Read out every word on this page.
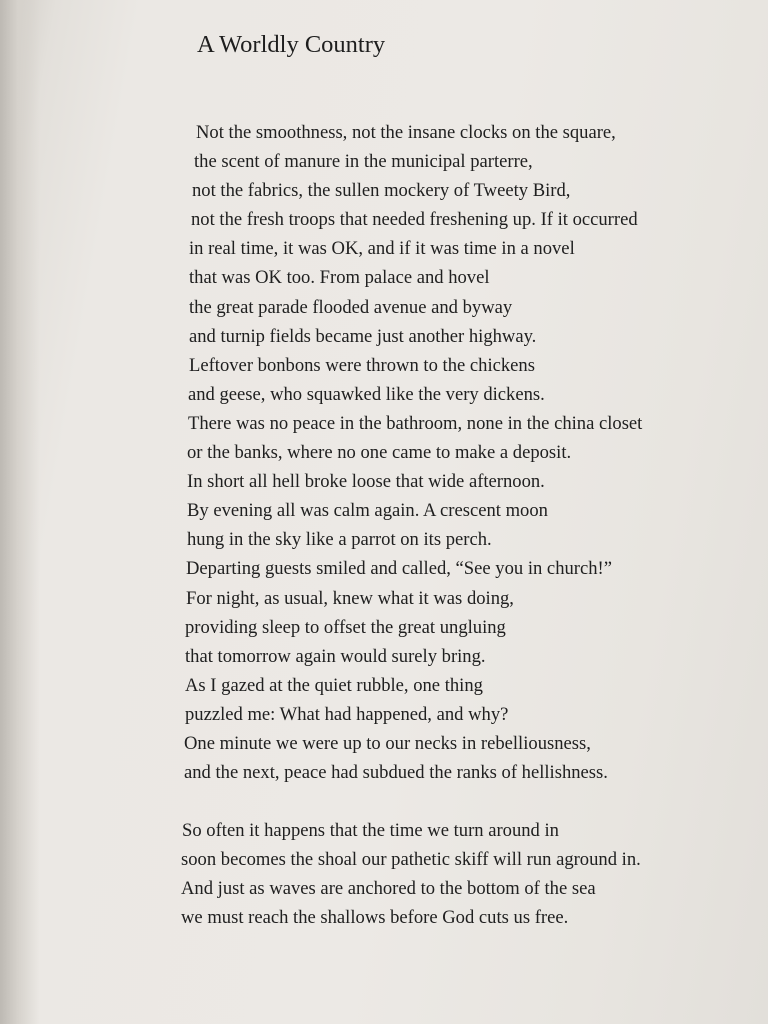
A Worldly Country
Not the smoothness, not the insane clocks on the square,
the scent of manure in the municipal parterre,
not the fabrics, the sullen mockery of Tweety Bird,
not the fresh troops that needed freshening up. If it occurred
in real time, it was OK, and if it was time in a novel
that was OK too. From palace and hovel
the great parade flooded avenue and byway
and turnip fields became just another highway.
Leftover bonbons were thrown to the chickens
and geese, who squawked like the very dickens.
There was no peace in the bathroom, none in the china closet
or the banks, where no one came to make a deposit.
In short all hell broke loose that wide afternoon.
By evening all was calm again. A crescent moon
hung in the sky like a parrot on its perch.
Departing guests smiled and called, “See you in church!”
For night, as usual, knew what it was doing,
providing sleep to offset the great ungluing
that tomorrow again would surely bring.
As I gazed at the quiet rubble, one thing
puzzled me: What had happened, and why?
One minute we were up to our necks in rebelliousness,
and the next, peace had subdued the ranks of hellishness.
So often it happens that the time we turn around in
soon becomes the shoal our pathetic skiff will run aground in.
And just as waves are anchored to the bottom of the sea
we must reach the shallows before God cuts us free.
